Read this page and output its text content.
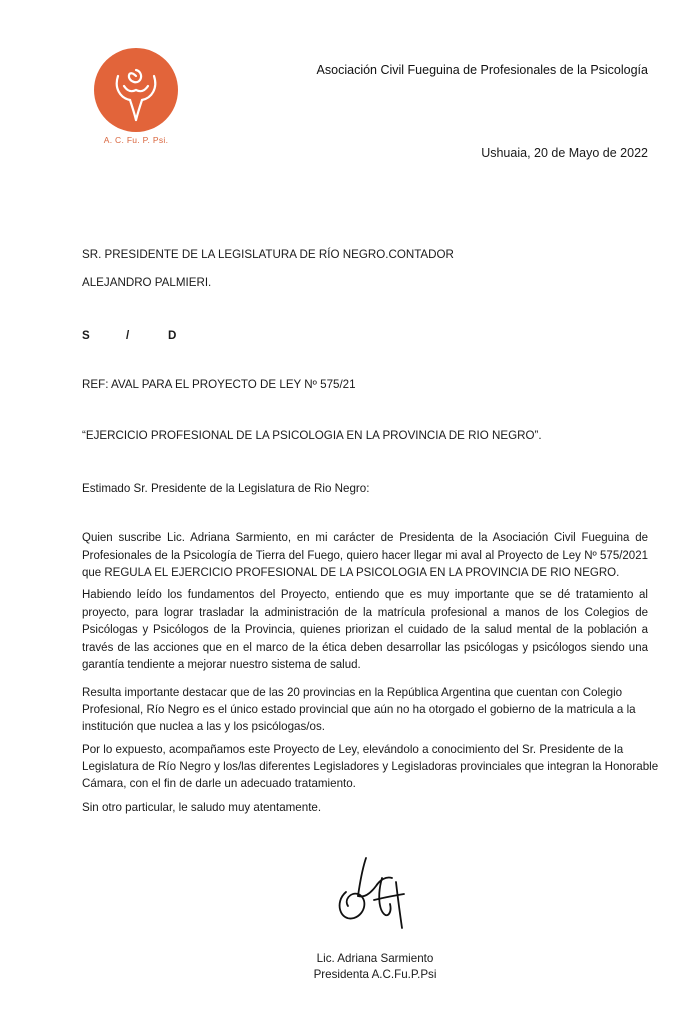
A. C. Fu. P. Psi.
Asociación Civil Fueguina de Profesionales de la Psicología
Ushuaia, 20 de Mayo de 2022
SR. PRESIDENTE DE LA LEGISLATURA DE RÍO NEGRO.CONTADOR
ALEJANDRO PALMIERI.
S	/	D
REF: AVAL PARA EL PROYECTO DE LEY Nº 575/21
“EJERCICIO PROFESIONAL DE LA PSICOLOGIA EN LA PROVINCIA DE RIO NEGRO”.
Estimado Sr. Presidente de la Legislatura de Rio Negro:
Quien suscribe Lic. Adriana Sarmiento, en mi carácter de Presidenta de la Asociación Civil Fueguina de Profesionales de la Psicología de Tierra del Fuego, quiero hacer llegar mi aval al Proyecto de Ley Nº 575/2021 que REGULA EL EJERCICIO PROFESIONAL DE LA PSICOLOGIA EN LA PROVINCIA DE RIO NEGRO.
Habiendo leído los fundamentos del Proyecto, entiendo que es muy importante que se dé tratamiento al proyecto, para lograr trasladar la administración de la matrícula profesional a manos de los Colegios de Psicólogas y Psicólogos de la Provincia, quienes priorizan el cuidado de la salud mental de la población a través de las acciones que en el marco de la ética deben desarrollar las psicólogas y psicólogos siendo una garantía tendiente a mejorar nuestro sistema de salud.
Resulta importante destacar que de las 20 provincias en la República Argentina que cuentan con Colegio
Profesional, Río Negro es el único estado provincial que aún no ha otorgado el gobierno de la matricula a la
institución que nuclea a las y los psicólogas/os.
Por lo expuesto, acompañamos este Proyecto de Ley, elevándolo a conocimiento del Sr. Presidente de la
Legislatura de Río Negro y los/las diferentes Legisladores y Legisladoras provinciales que integran la Honorable
Cámara, con el fin de darle un adecuado tratamiento.
Sin otro particular, le saludo muy atentamente.
Lic. Adriana Sarmiento
Presidenta A.C.Fu.P.Psi
